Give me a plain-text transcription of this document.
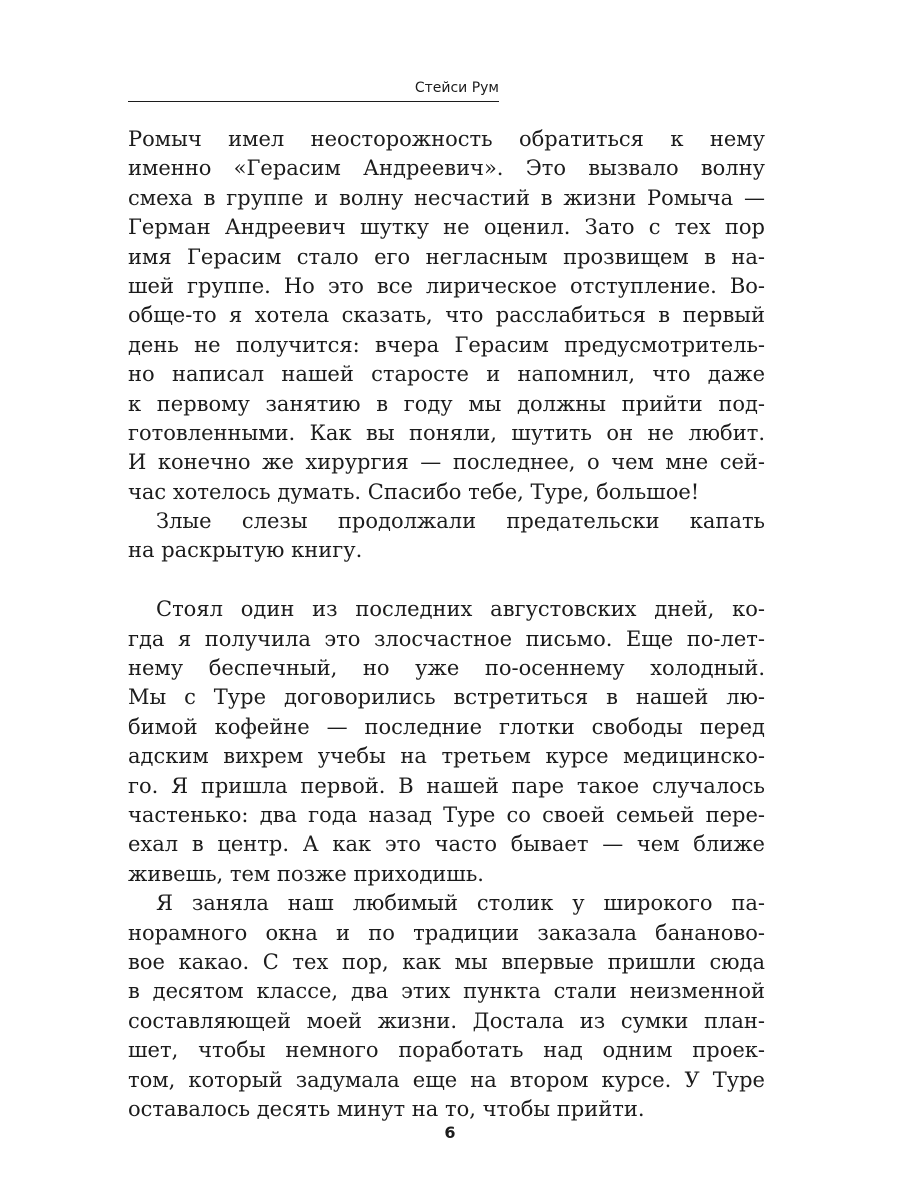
Стейси Рум
Ромыч имел неосторожность обратиться к нему
именно «Герасим Андреевич». Это вызвало волну
смеха в группе и волну несчастий в жизни Ромыча —
Герман Андреевич шутку не оценил. Зато с тех пор
имя Герасим стало его негласным прозвищем в на-
шей группе. Но это все лирическое отступление. Во-
обще-то я хотела сказать, что расслабиться в первый
день не получится: вчера Герасим предусмотритель-
но написал нашей старосте и напомнил, что даже
к первому занятию в году мы должны прийти под-
готовленными. Как вы поняли, шутить он не любит.
И конечно же хирургия — последнее, о чем мне сей-
час хотелось думать. Спасибо тебе, Туре, большое!
Злые слезы продолжали предательски капать
на раскрытую книгу.
Стоял один из последних августовских дней, ко-
гда я получила это злосчастное письмо. Еще по-лет-
нему беспечный, но уже по-осеннему холодный.
Мы с Туре договорились встретиться в нашей лю-
бимой кофейне — последние глотки свободы перед
адским вихрем учебы на третьем курсе медицинско-
го. Я пришла первой. В нашей паре такое случалось
частенько: два года назад Туре со своей семьей пере-
ехал в центр. А как это часто бывает — чем ближе
живешь, тем позже приходишь.
Я заняла наш любимый столик у широкого па-
норамного окна и по традиции заказала бананово-
вое какао. С тех пор, как мы впервые пришли сюда
в десятом классе, два этих пункта стали неизменной
составляющей моей жизни. Достала из сумки план-
шет, чтобы немного поработать над одним проек-
том, который задумала еще на втором курсе. У Туре
оставалось десять минут на то, чтобы прийти.
6
